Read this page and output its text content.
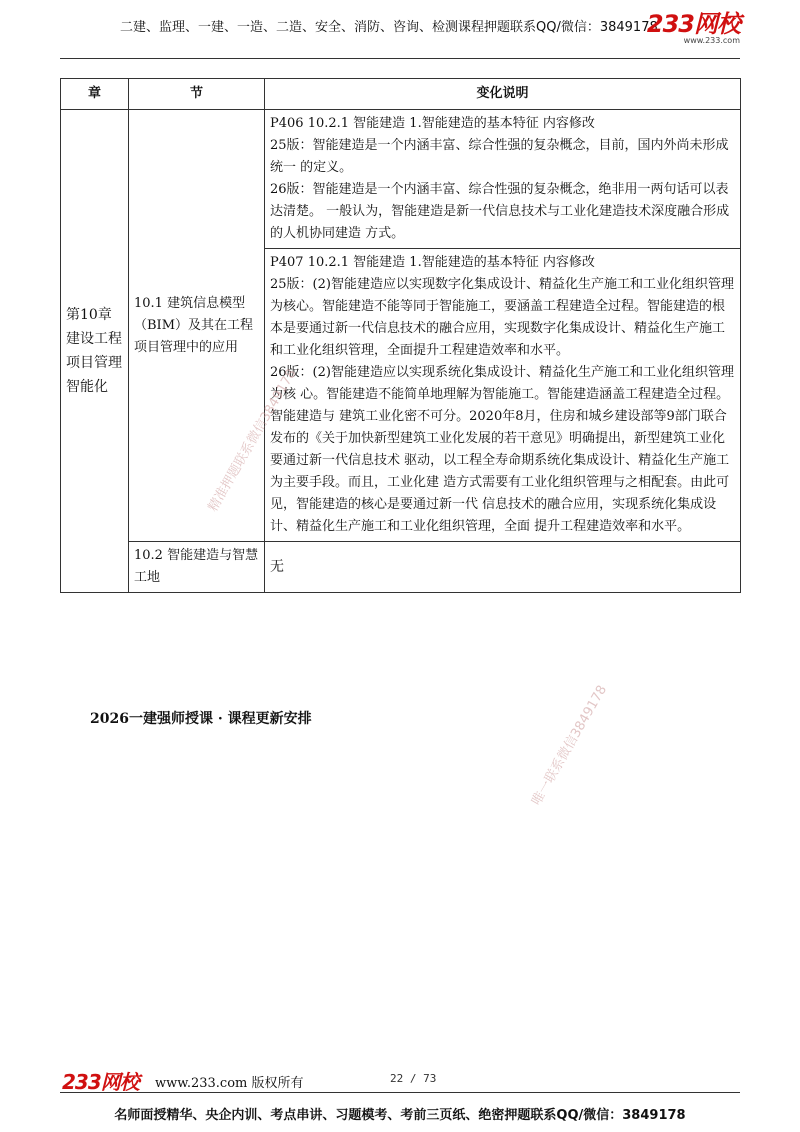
二建、监理、一建、一造、二造、安全、消防、咨询、检测课程押题联系QQ/微信：3849178
233网校
www.233.com
章	节	变化说明
第10章建设工程项目管理智能化	10.1 建筑信息模型（BIM）及其在工程项目管理中的应用	P406 10.2.1 智能建造 1.智能建造的基本特征 内容修改

25版：智能建造是一个内涵丰富、综合性强的复杂概念，目前，国内外尚未形成统一 的定义。

26版：智能建造是一个内涵丰富、综合性强的复杂概念，绝非用一两句话可以表达清楚。 一般认为，智能建造是新一代信息技术与工业化建造技术深度融合形成的人机协同建造 方式。

		P407 10.2.1 智能建造 1.智能建造的基本特征 内容修改

25版：(2)智能建造应以实现数字化集成设计、精益化生产施工和工业化组织管理为核心。智能建造不能等同于智能施工，要涵盖工程建造全过程。智能建造的根本是要通过新一代信息技术的融合应用，实现数字化集成设计、精益化生产施工和工业化组织管理，全面提升工程建造效率和水平。

26版：(2)智能建造应以实现系统化集成设计、精益化生产施工和工业化组织管理为核 心。智能建造不能简单地理解为智能施工。智能建造涵盖工程建造全过程。智能建造与 建筑工业化密不可分。2020年8月，住房和城乡建设部等9部门联合发布的《关于加快新型建筑工业化发展的若干意见》明确提出，新型建筑工业化要通过新一代信息技术 驱动，以工程全寿命期系统化集成设计、精益化生产施工为主要手段。而且，工业化建 造方式需要有工业化组织管理与之相配套。由此可见，智能建造的核心是要通过新一代 信息技术的融合应用，实现系统化集成设计、精益化生产施工和工业化组织管理，全面 提升工程建造效率和水平。

	10.2 智能建造与智慧工地	无
2026一建强师授课 · 课程更新安排
精准押题联系微信3849178
唯一联系微信3849178
233网校 www.233.com 版权所有	22 / 73
名师面授精华、央企内训、考点串讲、习题模考、考前三页纸、绝密押题联系QQ/微信：3849178
